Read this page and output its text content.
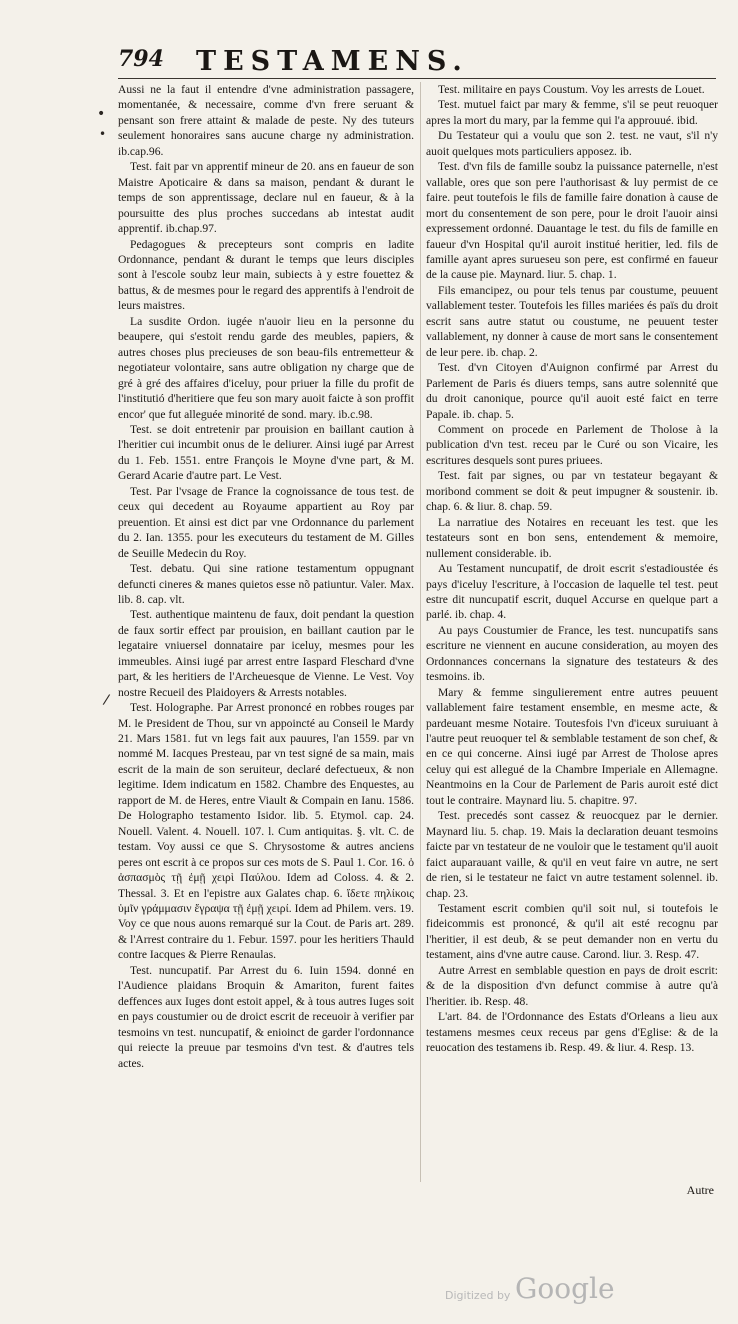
794 TESTAMENS.
•
•
/

Aussi ne la faut il entendre d'vne administration passagere, momentanée, & necessaire, comme d'vn frere seruant & pensant son frere attaint & malade de peste. Ny des tuteurs seulement honoraires sans aucune charge ny administration. ib.cap.96.

Test. fait par vn apprentif mineur de 20. ans en faueur de son Maistre Apoticaire & dans sa maison, pendant & durant le temps de son apprentissage, declare nul en faueur, & à la poursuitte des plus proches succedans ab intestat audit apprentif. ib.chap.97.

Pedagogues & precepteurs sont compris en ladite Ordonnance, pendant & durant le temps que leurs disciples sont à l'escole soubz leur main, subiects à y estre fouettez & battus, & de mesmes pour le regard des apprentifs à l'endroit de leurs maistres.

La susdite Ordon. iugée n'auoir lieu en la personne du beaupere, qui s'estoit rendu garde des meubles, papiers, & autres choses plus precieuses de son beau-fils entremetteur & negotiateur volontaire, sans autre obligation ny charge que de gré à gré des affaires d'iceluy, pour priuer la fille du profit de l'institutió d'heritiere que feu son mary auoit faicte à son proffit encor' que fut alleguée minorité de sond. mary. ib.c.98.

Test. se doit entretenir par prouision en baillant caution à l'heritier cui incumbit onus de le deliurer. Ainsi iugé par Arrest du 1. Feb. 1551. entre François le Moyne d'vne part, & M. Gerard Acarie d'autre part. Le Vest.

Test. Par l'vsage de France la cognoissance de tous test. de ceux qui decedent au Royaume appartient au Roy par preuention. Et ainsi est dict par vne Ordonnance du parlement du 2. Ian. 1355. pour les executeurs du testament de M. Gilles de Seuille Medecin du Roy.

Test. debatu. Qui sine ratione testamentum oppugnant defuncti cineres & manes quietos esse nõ patiuntur. Valer. Max. lib. 8. cap. vlt.

Test. authentique maintenu de faux, doit pendant la question de faux sortir effect par prouision, en baillant caution par le legataire vniuersel donnataire par iceluy, mesmes pour les immeubles. Ainsi iugé par arrest entre Iaspard Fleschard d'vne part, & les heritiers de l'Archeuesque de Vienne. Le Vest. Voy nostre Recueil des Plaidoyers & Arrests notables.

Test. Holographe. Par Arrest prononcé en robbes rouges par M. le President de Thou, sur vn appoincté au Conseil le Mardy 21. Mars 1581. fut vn legs fait aux pauures, l'an 1559. par vn nommé M. Iacques Presteau, par vn test signé de sa main, mais escrit de la main de son seruiteur, declaré defectueux, & non legitime. Idem indicatum en 1582. Chambre des Enquestes, au rapport de M. de Heres, entre Viault & Compain en Ianu. 1586. De Holographo testamento Isidor. lib. 5. Etymol. cap. 24. Nouell. Valent. 4. Nouell. 107. l. Cum antiquitas. §. vlt. C. de testam. Voy aussi ce que S. Chrysostome & autres anciens peres ont escrit à ce propos sur ces mots de S. Paul 1. Cor. 16. ὁ ἀσπασμὸς τῇ ἐμῇ χειρὶ Παύλου. Idem ad Coloss. 4. & 2. Thessal. 3. Et en l'epistre aux Galates chap. 6. ἴδετε πηλίκοις ὑμῖν γράμμασιν ἔγραψα τῇ ἐμῇ χειρί. Idem ad Philem. vers. 19. Voy ce que nous auons remarqué sur la Cout. de Paris art. 289. & l'Arrest contraire du 1. Febur. 1597. pour les heritiers Thauld contre Iacques & Pierre Renaulas.

Test. nuncupatif. Par Arrest du 6. Iuin 1594. donné en l'Audience plaidans Broquin & Amariton, furent faites deffences aux Iuges dont estoit appel, & à tous autres Iuges soit en pays coustumier ou de droict escrit de receuoir à verifier par tesmoins vn test. nuncupatif, & enioinct de garder l'ordonnance qui reiecte la preuue par tesmoins d'vn test. & d'autres tels actes.

Test. militaire en pays Coustum. Voy les arrests de Louet.

Test. mutuel faict par mary & femme, s'il se peut reuoquer apres la mort du mary, par la femme qui l'a approuué. ibid.

Du Testateur qui a voulu que son 2. test. ne vaut, s'il n'y auoit quelques mots particuliers apposez. ib.

Test. d'vn fils de famille soubz la puissance paternelle, n'est vallable, ores que son pere l'authorisast & luy permist de ce faire. peut toutefois le fils de famille faire donation à cause de mort du consentement de son pere, pour le droit l'auoir ainsi expressement ordonné. Dauantage le test. du fils de famille en faueur d'vn Hospital qu'il auroit institué heritier, led. fils de famille ayant apres surueseu son pere, est confirmé en faueur de la cause pie. Maynard. liur. 5. chap. 1.

Fils emancipez, ou pour tels tenus par coustume, peuuent vallablement tester. Toutefois les filles mariées és païs du droit escrit sans autre statut ou coustume, ne peuuent tester vallablement, ny donner à cause de mort sans le consentement de leur pere. ib. chap. 2.

Test. d'vn Citoyen d'Auignon confirmé par Arrest du Parlement de Paris és diuers temps, sans autre solennité que du droit canonique, pource qu'il auoit esté faict en terre Papale. ib. chap. 5.

Comment on procede en Parlement de Tholose à la publication d'vn test. receu par le Curé ou son Vicaire, les escritures desquels sont pures priuees.

Test. fait par signes, ou par vn testateur begayant & moribond comment se doit & peut impugner & soustenir. ib. chap. 6. & liur. 8. chap. 59.

La narratiue des Notaires en receuant les test. que les testateurs sont en bon sens, entendement & memoire, nullement considerable. ib.

Au Testament nuncupatif, de droit escrit s'estadioustée és pays d'iceluy l'escriture, à l'occasion de laquelle tel test. peut estre dit nuncupatif escrit, duquel Accurse en quelque part a parlé. ib. chap. 4.

Au pays Coustumier de France, les test. nuncupatifs sans escriture ne viennent en aucune consideration, au moyen des Ordonnances concernans la signature des testateurs & des tesmoins. ib.

Mary & femme singulierement entre autres peuuent vallablement faire testament ensemble, en mesme acte, & pardeuant mesme Notaire. Toutesfois l'vn d'iceux suruiuant à l'autre peut reuoquer tel & semblable testament de son chef, & en ce qui concerne. Ainsi iugé par Arrest de Tholose apres celuy qui est allegué de la Chambre Imperiale en Allemagne. Neantmoins en la Cour de Parlement de Paris auroit esté dict tout le contraire. Maynard liu. 5. chapitre. 97.

Test. precedés sont cassez & reuocquez par le dernier. Maynard liu. 5. chap. 19. Mais la declaration deuant tesmoins faicte par vn testateur de ne vouloir que le testament qu'il auoit faict auparauant vaille, & qu'il en veut faire vn autre, ne sert de rien, si le testateur ne faict vn autre testament solennel. ib. chap. 23.

Testament escrit combien qu'il soit nul, si toutefois le fideicommis est prononcé, & qu'il ait esté recognu par l'heritier, il est deub, & se peut demander non en vertu du testament, ains d'vne autre cause. Carond. liur. 3. Resp. 47.

Autre Arrest en semblable question en pays de droit escrit: & de la disposition d'vn defunct commise à autre qu'à l'heritier. ib. Resp. 48.

L'art. 84. de l'Ordonnance des Estats d'Orleans a lieu aux testamens mesmes ceux receus par gens d'Eglise: & de la reuocation des testamens ib. Resp. 49. & liur. 4. Resp. 13.

Autre
Digitized by Google
